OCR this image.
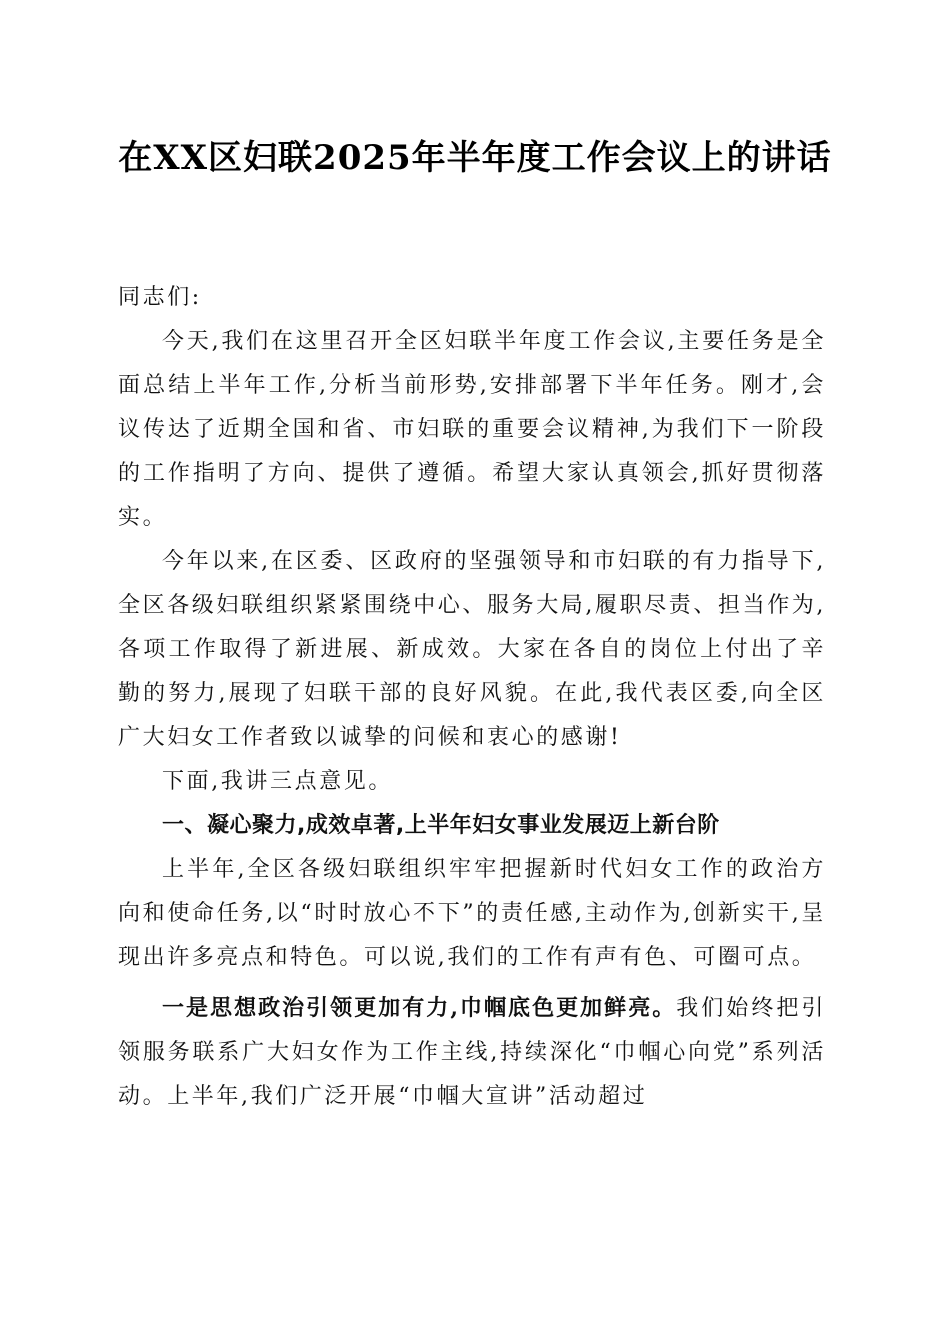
在XX区妇联2025年半年度工作会议上的讲话

同志们:

今天,我们在这里召开全区妇联半年度工作会议,主要任务是全面总结上半年工作,分析当前形势,安排部署下半年任务。刚才,会议传达了近期全国和省、市妇联的重要会议精神,为我们下一阶段的工作指明了方向、提供了遵循。希望大家认真领会,抓好贯彻落实。

今年以来,在区委、区政府的坚强领导和市妇联的有力指导下,全区各级妇联组织紧紧围绕中心、服务大局,履职尽责、担当作为,各项工作取得了新进展、新成效。大家在各自的岗位上付出了辛勤的努力,展现了妇联干部的良好风貌。在此,我代表区委,向全区广大妇女工作者致以诚挚的问候和衷心的感谢!

下面,我讲三点意见。

一、凝心聚力,成效卓著,上半年妇女事业发展迈上新台阶

上半年,全区各级妇联组织牢牢把握新时代妇女工作的政治方向和使命任务,以“时时放心不下”的责任感,主动作为,创新实干,呈现出许多亮点和特色。可以说,我们的工作有声有色、可圈可点。

一是思想政治引领更加有力,巾帼底色更加鲜亮。我们始终把引领服务联系广大妇女作为工作主线,持续深化“巾帼心向党”系列活动。上半年,我们广泛开展“巾帼大宣讲”活动超过
